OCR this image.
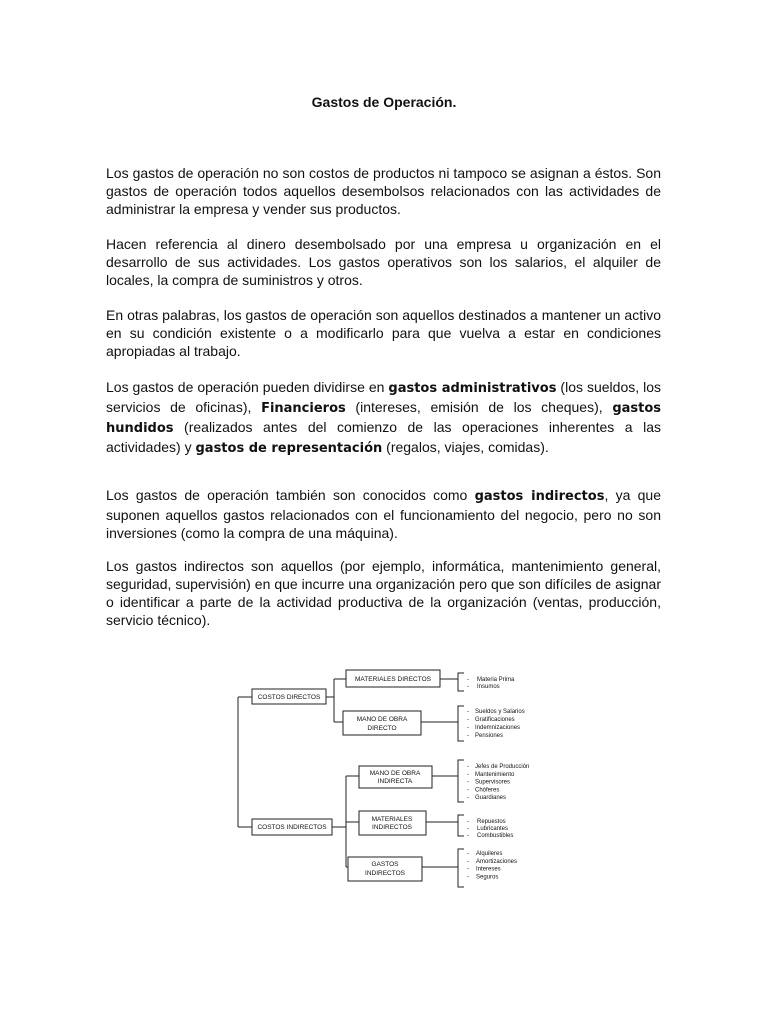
Gastos de Operación.

Los gastos de operación no son costos de productos ni tampoco se asignan a éstos. Son gastos de operación todos aquellos desembolsos relacionados con las actividades de administrar la empresa y vender sus productos.

Hacen referencia al dinero desembolsado por una empresa u organización en el desarrollo de sus actividades. Los gastos operativos son los salarios, el alquiler de locales, la compra de suministros y otros.

En otras palabras, los gastos de operación son aquellos destinados a mantener un activo en su condición existente o a modificarlo para que vuelva a estar en condiciones apropiadas al trabajo.

Los gastos de operación pueden dividirse en gastos administrativos (los sueldos, los servicios de oficinas), Financieros (intereses, emisión de los cheques), gastos hundidos (realizados antes del comienzo de las operaciones inherentes a las actividades) y gastos de representación (regalos, viajes, comidas).

Los gastos de operación también son conocidos como gastos indirectos, ya que suponen aquellos gastos relacionados con el funcionamiento del negocio, pero no son inversiones (como la compra de una máquina).

Los gastos indirectos son aquellos (por ejemplo, informática, mantenimiento general, seguridad, supervisión) en que incurre una organización pero que son difíciles de asignar o identificar a parte de la actividad productiva de la organización (ventas, producción, servicio técnico).

COSTOS DIRECTOS
COSTOS INDIRECTOS
MATERIALES DIRECTOS
MANO DE OBRA
DIRECTO
MANO DE OBRA
INDIRECTA
MATERIALES
INDIRECTOS
GASTOS
INDIRECTOS
- Materia Prima
- Insumos
- Sueldos y Salarios
- Gratificaciones
- Indemnizaciones
- Pensiones
- Jefes de Producción
- Mantenimiento
- Supervisores
- Chóferes
- Guardianes
- Repuestos
- Lubricantes
- Combustibles
- Alquileres
- Amortizaciones
- Intereses
- Seguros
